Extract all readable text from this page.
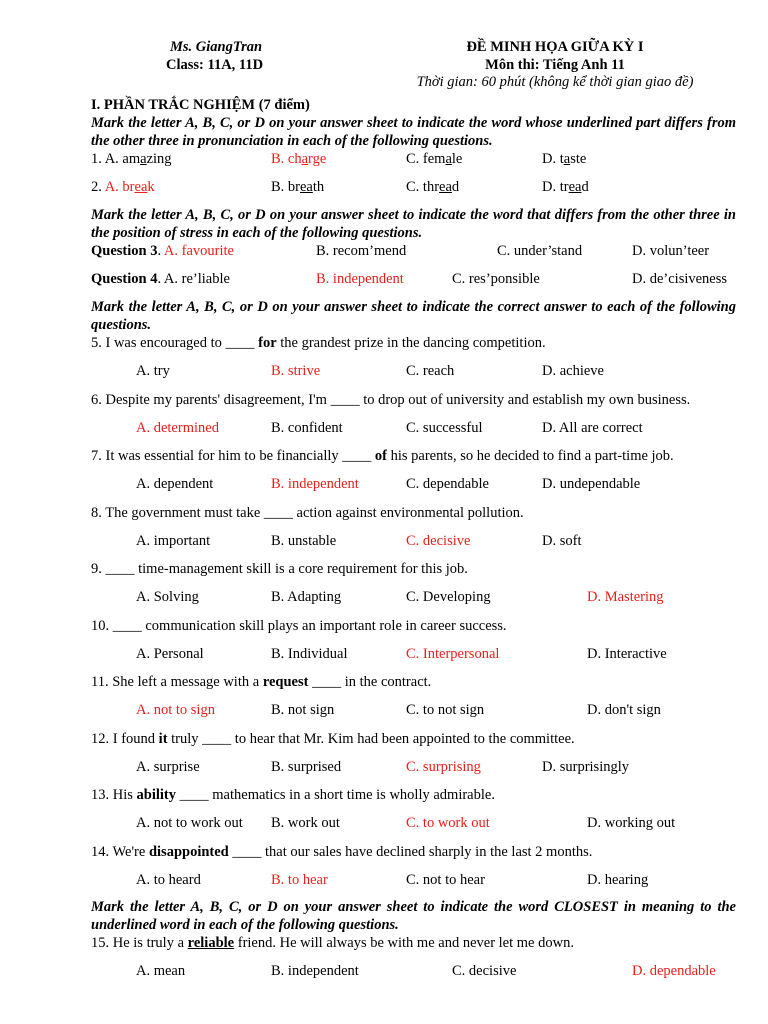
Ms. GiangTran
Class: 11A, 11D
ĐỀ MINH HỌA GIỮA KỲ I
Môn thi: Tiếng Anh 11
Thời gian: 60 phút (không kể thời gian giao đề)
I. PHẦN TRẮC NGHIỆM (7 điểm)
Mark the letter A, B, C, or D on your answer sheet to indicate the word whose underlined part differs from the other three in pronunciation in each of the following questions.
1. A. amazing	B. charge	C. female	D. taste
2. A. break	B. breath	C. thread	D. tread
Mark the letter A, B, C, or D on your answer sheet to indicate the word that differs from the other three in the position of stress in each of the following questions.
Question 3. A. favourite	B. recom’mend	C. under’stand	D. volun’teer
Question 4. A. re’liable	B. independent	C. res’ponsible	D. de’cisiveness
Mark the letter A, B, C, or D on your answer sheet to indicate the correct answer to each of the following questions.
5. I was encouraged to ____ for the grandest prize in the dancing competition.
A. try	B. strive	C. reach	D. achieve
6. Despite my parents' disagreement, I'm ____ to drop out of university and establish my own business.
A. determined	B. confident	C. successful	D. All are correct
7. It was essential for him to be financially ____ of his parents, so he decided to find a part-time job.
A. dependent	B. independent	C. dependable	D. undependable
8. The government must take ____ action against environmental pollution.
A. important	B. unstable	C. decisive	D. soft
9. ____ time-management skill is a core requirement for this job.
A. Solving	B. Adapting	C. Developing	D. Mastering
10. ____ communication skill plays an important role in career success.
A. Personal	B. Individual	C. Interpersonal	D. Interactive
11. She left a message with a request ____ in the contract.
A. not to sign	B. not sign	C. to not sign	D. don't sign
12. I found it truly ____ to hear that Mr. Kim had been appointed to the committee.
A. surprise	B. surprised	C. surprising	D. surprisingly
13. His ability ____ mathematics in a short time is wholly admirable.
A. not to work out B. work out	C. to work out	D. working out
14. We're disappointed ____ that our sales have declined sharply in the last 2 months.
A. to heard	B. to hear	C. not to hear	D. hearing
Mark the letter A, B, C, or D on your answer sheet to indicate the word CLOSEST in meaning to the underlined word in each of the following questions.
15. He is truly a reliable friend. He will always be with me and never let me down.
A. mean	B. independent	C. decisive	D. dependable
